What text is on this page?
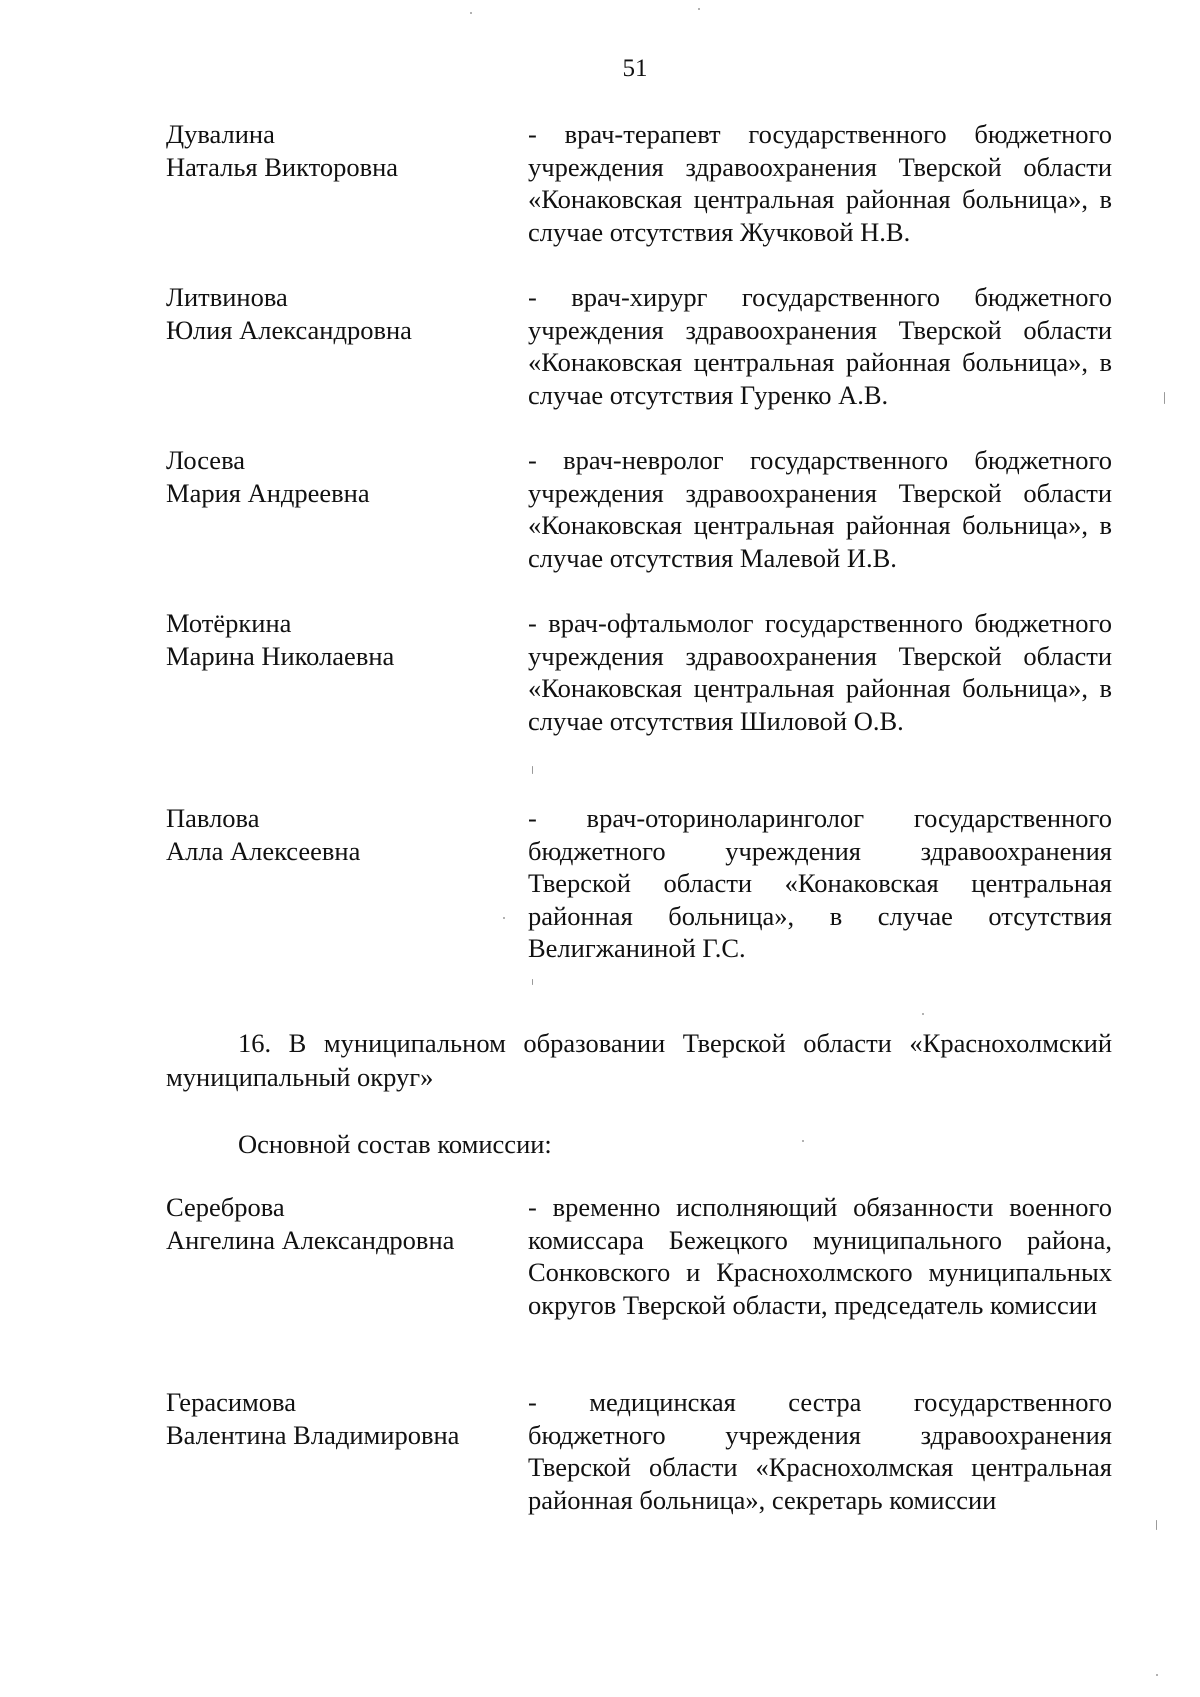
51
Дувалина
Наталья Викторовна
- врач-терапевт государственного бюджетного учреждения здравоохранения Тверской области «Конаковская центральная районная больница», в случае отсутствия Жучковой Н.В.
Литвинова
Юлия Александровна
- врач-хирург государственного бюджетного учреждения здравоохранения Тверской области «Конаковская центральная районная больница», в случае отсутствия Гуренко А.В.
Лосева
Мария Андреевна
- врач-невролог государственного бюджетного учреждения здравоохранения Тверской области «Конаковская центральная районная больница», в случае отсутствия Малевой И.В.
Мотёркина
Марина Николаевна
- врач-офтальмолог государственного бюджетного учреждения здравоохранения Тверской области «Конаковская центральная районная больница», в случае отсутствия Шиловой О.В.
Павлова
Алла Алексеевна
- врач-оториноларинголог государственного бюджетного учреждения здравоохранения Тверской области «Конаковская центральная районная больница», в случае отсутствия Велигжаниной Г.С.
16. В муниципальном образовании Тверской области «Краснохолмский муниципальный округ»
Основной состав комиссии:
Сереброва
Ангелина Александровна
- временно исполняющий обязанности военного комиссара Бежецкого муниципального района, Сонковского и Краснохолмского муниципальных округов Тверской области, председатель комиссии
Герасимова
Валентина Владимировна
- медицинская сестра государственного бюджетного учреждения здравоохранения Тверской области «Краснохолмская центральная районная больница», секретарь комиссии
